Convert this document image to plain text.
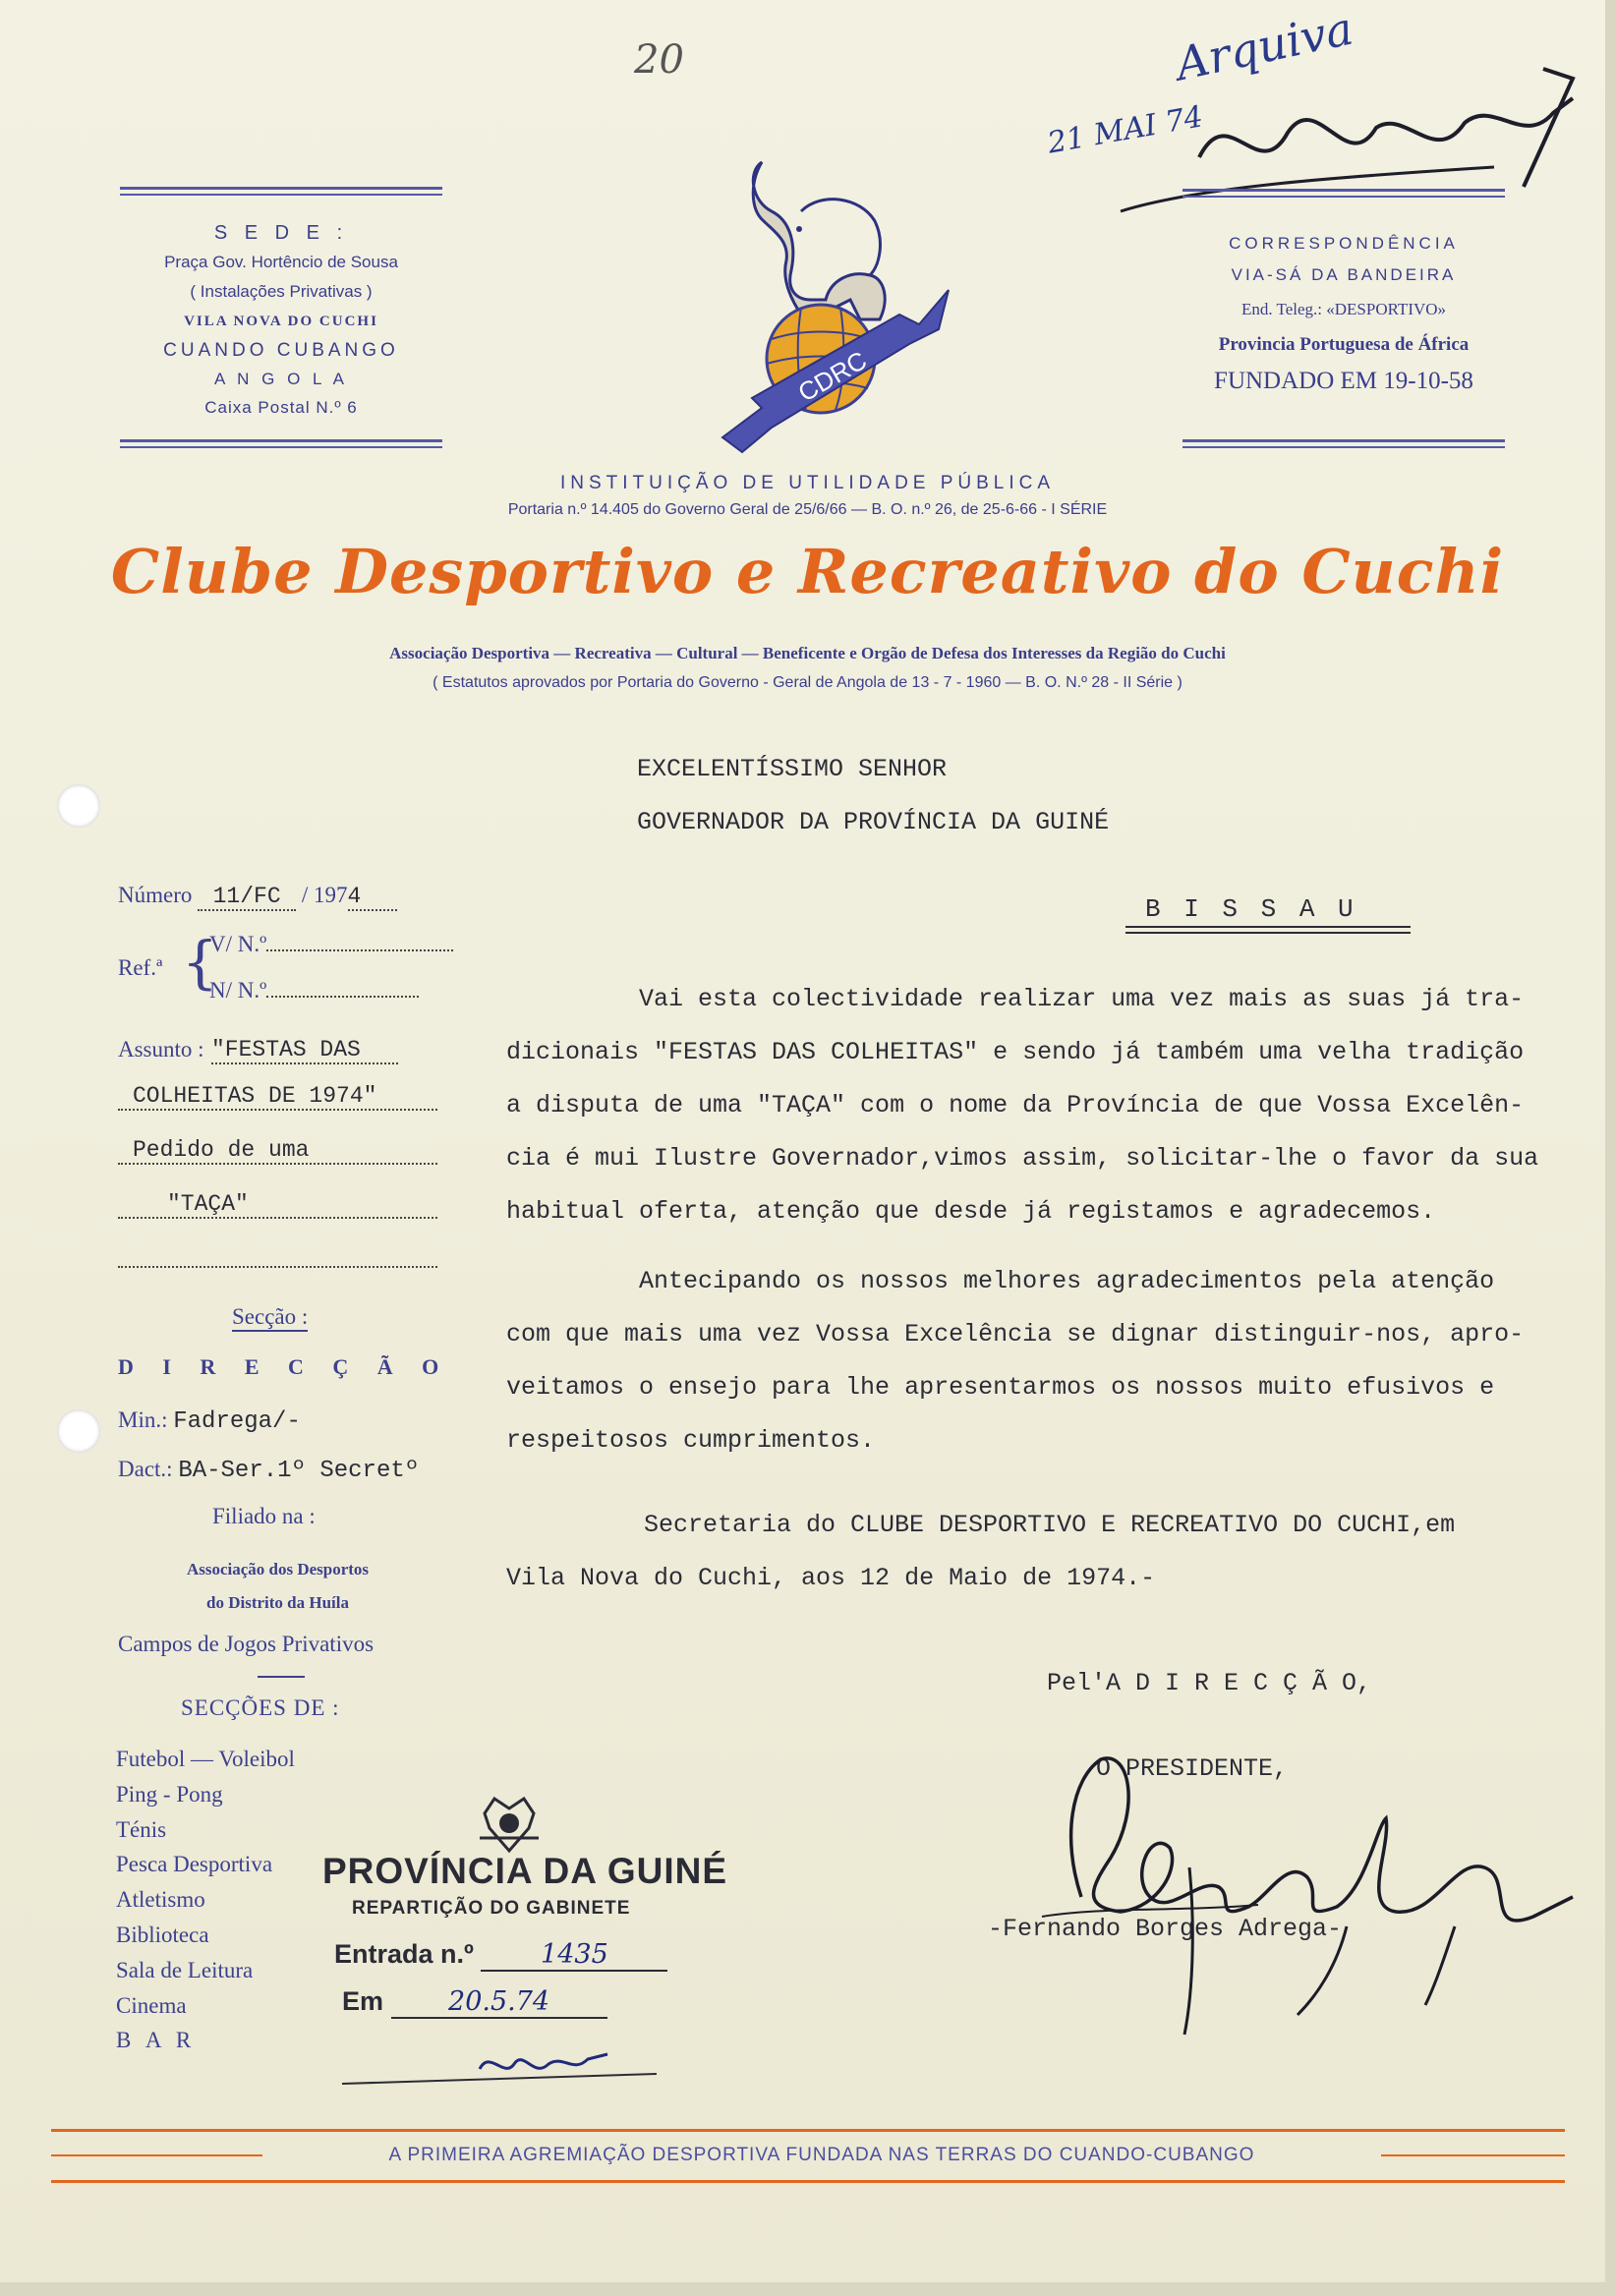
20	Arquiva
21 MAI 74
S E D E :
Praça Gov. Hortêncio de Sousa
( Instalações Privativas )
VILA NOVA DO CUCHI
CUANDO CUBANGO
A N G O L A
Caixa Postal N.º 6
CORRESPONDÊNCIA
VIA-SÁ DA BANDEIRA
End. Teleg.: «DESPORTIVO»
Provincia Portuguesa de África
FUNDADO EM 19-10-58
CDRC
INSTITUIÇÃO DE UTILIDADE PÚBLICA
Portaria n.º 14.405 do Governo Geral de 25/6/66 — B. O. n.º 26, de 25-6-66 - I SÉRIE
Clube Desportivo e Recreativo do Cuchi
Associação Desportiva — Recreativa — Cultural — Beneficente e Orgão de Defesa dos Interesses da Região do Cuchi
( Estatutos aprovados por Portaria do Governo - Geral de Angola de 13 - 7 - 1960 — B. O. N.º 28 - II Série )
EXCELENTÍSSIMO SENHOR
GOVERNADOR DA PROVÍNCIA DA GUINÉ
B I S S A U
Número 11/FC / 1974
Ref.ª {
V/ N.º
N/ N.º
Assunto : "FESTAS DAS
COLHEITAS DE 1974"
Pedido de uma
"TAÇA"
Secção :
D I R E C Ç Ã O
Min.: Fadrega/-
Dact.: BA-Ser.1º Secretº
Filiado na :
Associação dos Desportos
do Distrito da Huíla
Campos de Jogos Privativos
SECÇÕES DE :
Futebol — Voleibol
Ping - Pong
Ténis
Pesca Desportiva
Atletismo
Biblioteca
Sala de Leitura
Cinema
B A R
Vai esta colectividade realizar uma vez mais as suas já tra-
dicionais "FESTAS DAS COLHEITAS" e sendo já também uma velha tradição
a disputa de uma "TAÇA" com o nome da Província de que Vossa Excelên-
cia é mui Ilustre Governador,vimos assim, solicitar-lhe o favor da sua
habitual oferta, atenção que desde já registamos e agradecemos.
Antecipando os nossos melhores agradecimentos pela atenção
com que mais uma vez Vossa Excelência se dignar distinguir-nos, apro-
veitamos o ensejo para lhe apresentarmos os nossos muito efusivos e
respeitosos cumprimentos.
Secretaria do CLUBE DESPORTIVO E RECREATIVO DO CUCHI,em
Vila Nova do Cuchi, aos 12 de Maio de 1974.-
Pel'A D I R E C Ç Ã O,
O PRESIDENTE,
-Fernando Borges Adrega-
PROVÍNCIA DA GUINÉ
REPARTIÇÃO DO GABINETE
Entrada n.º	1435
Em 20.5.74
A PRIMEIRA AGREMIAÇÃO DESPORTIVA FUNDADA NAS TERRAS DO CUANDO-CUBANGO
